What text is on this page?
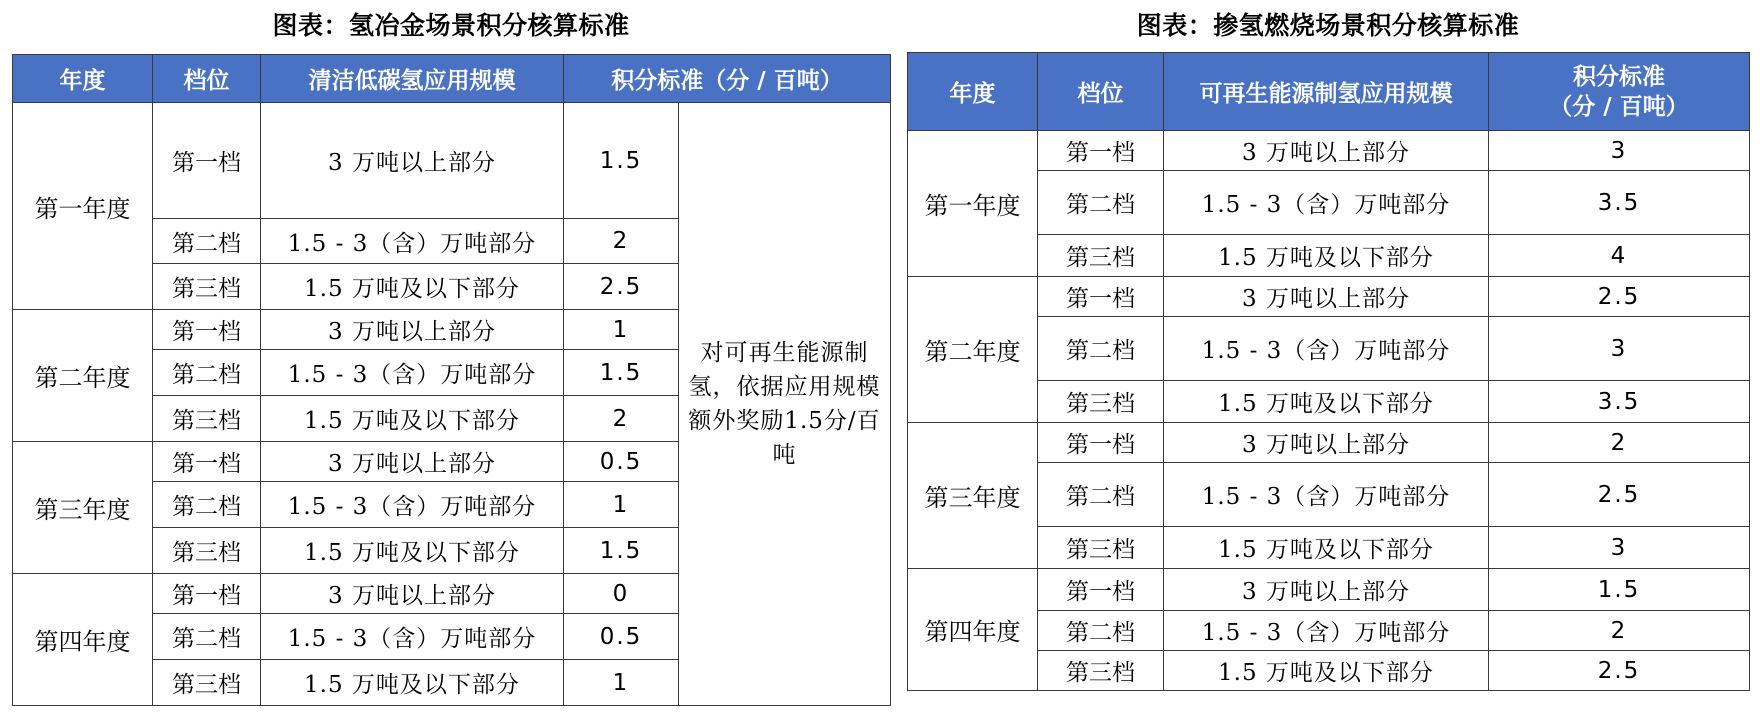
图表：氢冶金场景积分核算标准
年度	档位	清洁低碳氢应用规模	积分标准（分 / 百吨）	
第一年度	第一档	3 万吨以上部分	1.5	对可再生能源制氢，依据应用规模额外奖励1.5分/百吨
	第二档	1.5 - 3（含）万吨部分	2	
	第三档	1.5 万吨及以下部分	2.5	
第二年度	第一档	3 万吨以上部分	1	
	第二档	1.5 - 3（含）万吨部分	1.5	
	第三档	1.5 万吨及以下部分	2	
第三年度	第一档	3 万吨以上部分	0.5	
	第二档	1.5 - 3（含）万吨部分	1	
	第三档	1.5 万吨及以下部分	1.5	
第四年度	第一档	3 万吨以上部分	0	
	第二档	1.5 - 3（含）万吨部分	0.5	
	第三档	1.5 万吨及以下部分	1	
图表：掺氢燃烧场景积分核算标准
年度	档位	可再生能源制氢应用规模	积分标准
（分 / 百吨）

第一年度	第一档	3 万吨以上部分	3
	第二档	1.5 - 3（含）万吨部分	3.5
	第三档	1.5 万吨及以下部分	4
第二年度	第一档	3 万吨以上部分	2.5
	第二档	1.5 - 3（含）万吨部分	3
	第三档	1.5 万吨及以下部分	3.5
第三年度	第一档	3 万吨以上部分	2
	第二档	1.5 - 3（含）万吨部分	2.5
	第三档	1.5 万吨及以下部分	3
第四年度	第一档	3 万吨以上部分	1.5
	第二档	1.5 - 3（含）万吨部分	2
	第三档	1.5 万吨及以下部分	2.5
